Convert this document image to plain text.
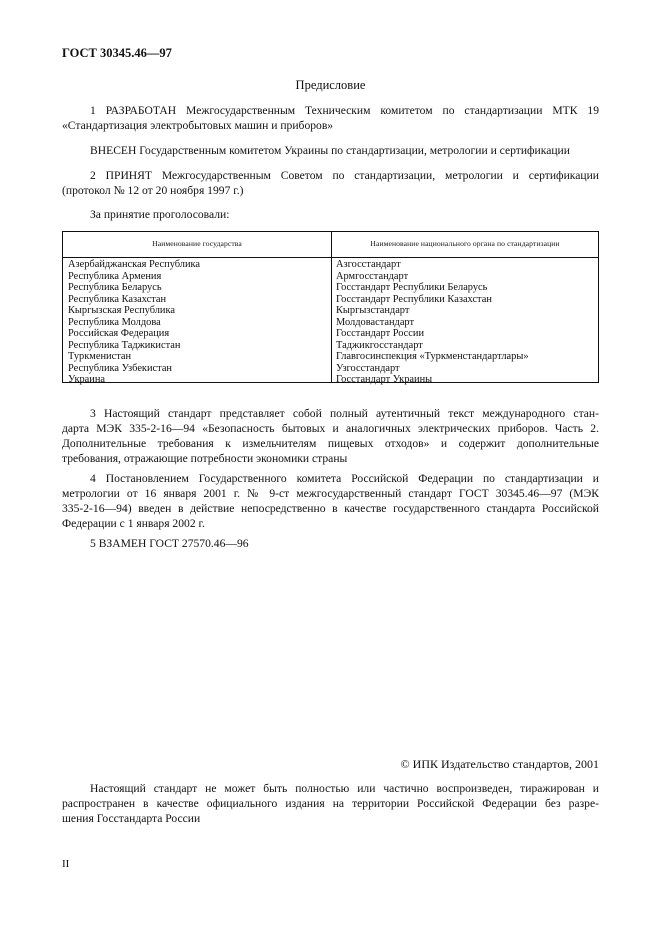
ГОСТ 30345.46—97
Предисловие
1 РАЗРАБОТАН Межгосударственным Техническим комитетом по стандартизации МТК 19
«Стандартизация электробытовых машин и приборов»
ВНЕСЕН Государственным комитетом Украины по стандартизации, метрологии и сертификации
2 ПРИНЯТ Межгосударственным Советом по стандартизации, метрологии и сертификации
(протокол № 12 от 20 ноября 1997 г.)
За принятие проголосовали:
Наименование государства	Наименование национального органа по стандартизации
Азербайджанская Республика
Республика Армения
Республика Беларусь
Республика Казахстан
Кыргызская Республика
Республика Молдова
Российская Федерация
Республика Таджикистан
Туркменистан
Республика Узбекистан
Украина
Азгосстандарт
Армгосстандарт
Госстандарт Республики Беларусь
Госстандарт Республики Казахстан
Кыргызстандарт
Молдовастандарт
Госстандарт России
Таджикгосстандарт
Главгосинспекция «Туркменстандартлары»
Узгосстандарт
Госстандарт Украины
3 Настоящий стандарт представляет собой полный аутентичный текст международного стан-
дарта МЭК 335-2-16—94 «Безопасность бытовых и аналогичных электрических приборов. Часть 2.
Дополнительные требования к измельчителям пищевых отходов» и содержит дополнительные
требования, отражающие потребности экономики страны
4 Постановлением Государственного комитета Российской Федерации по стандартизации и
метрологии от 16 января 2001 г. № 9-ст межгосударственный стандарт ГОСТ 30345.46—97 (МЭК
335-2-16—94) введен в действие непосредственно в качестве государственного стандарта Российской
Федерации с 1 января 2002 г.
5 ВЗАМЕН ГОСТ 27570.46—96
© ИПК Издательство стандартов, 2001
Настоящий стандарт не может быть полностью или частично воспроизведен, тиражирован и
распространен в качестве официального издания на территории Российской Федерации без разре-
шения Госстандарта России
II
